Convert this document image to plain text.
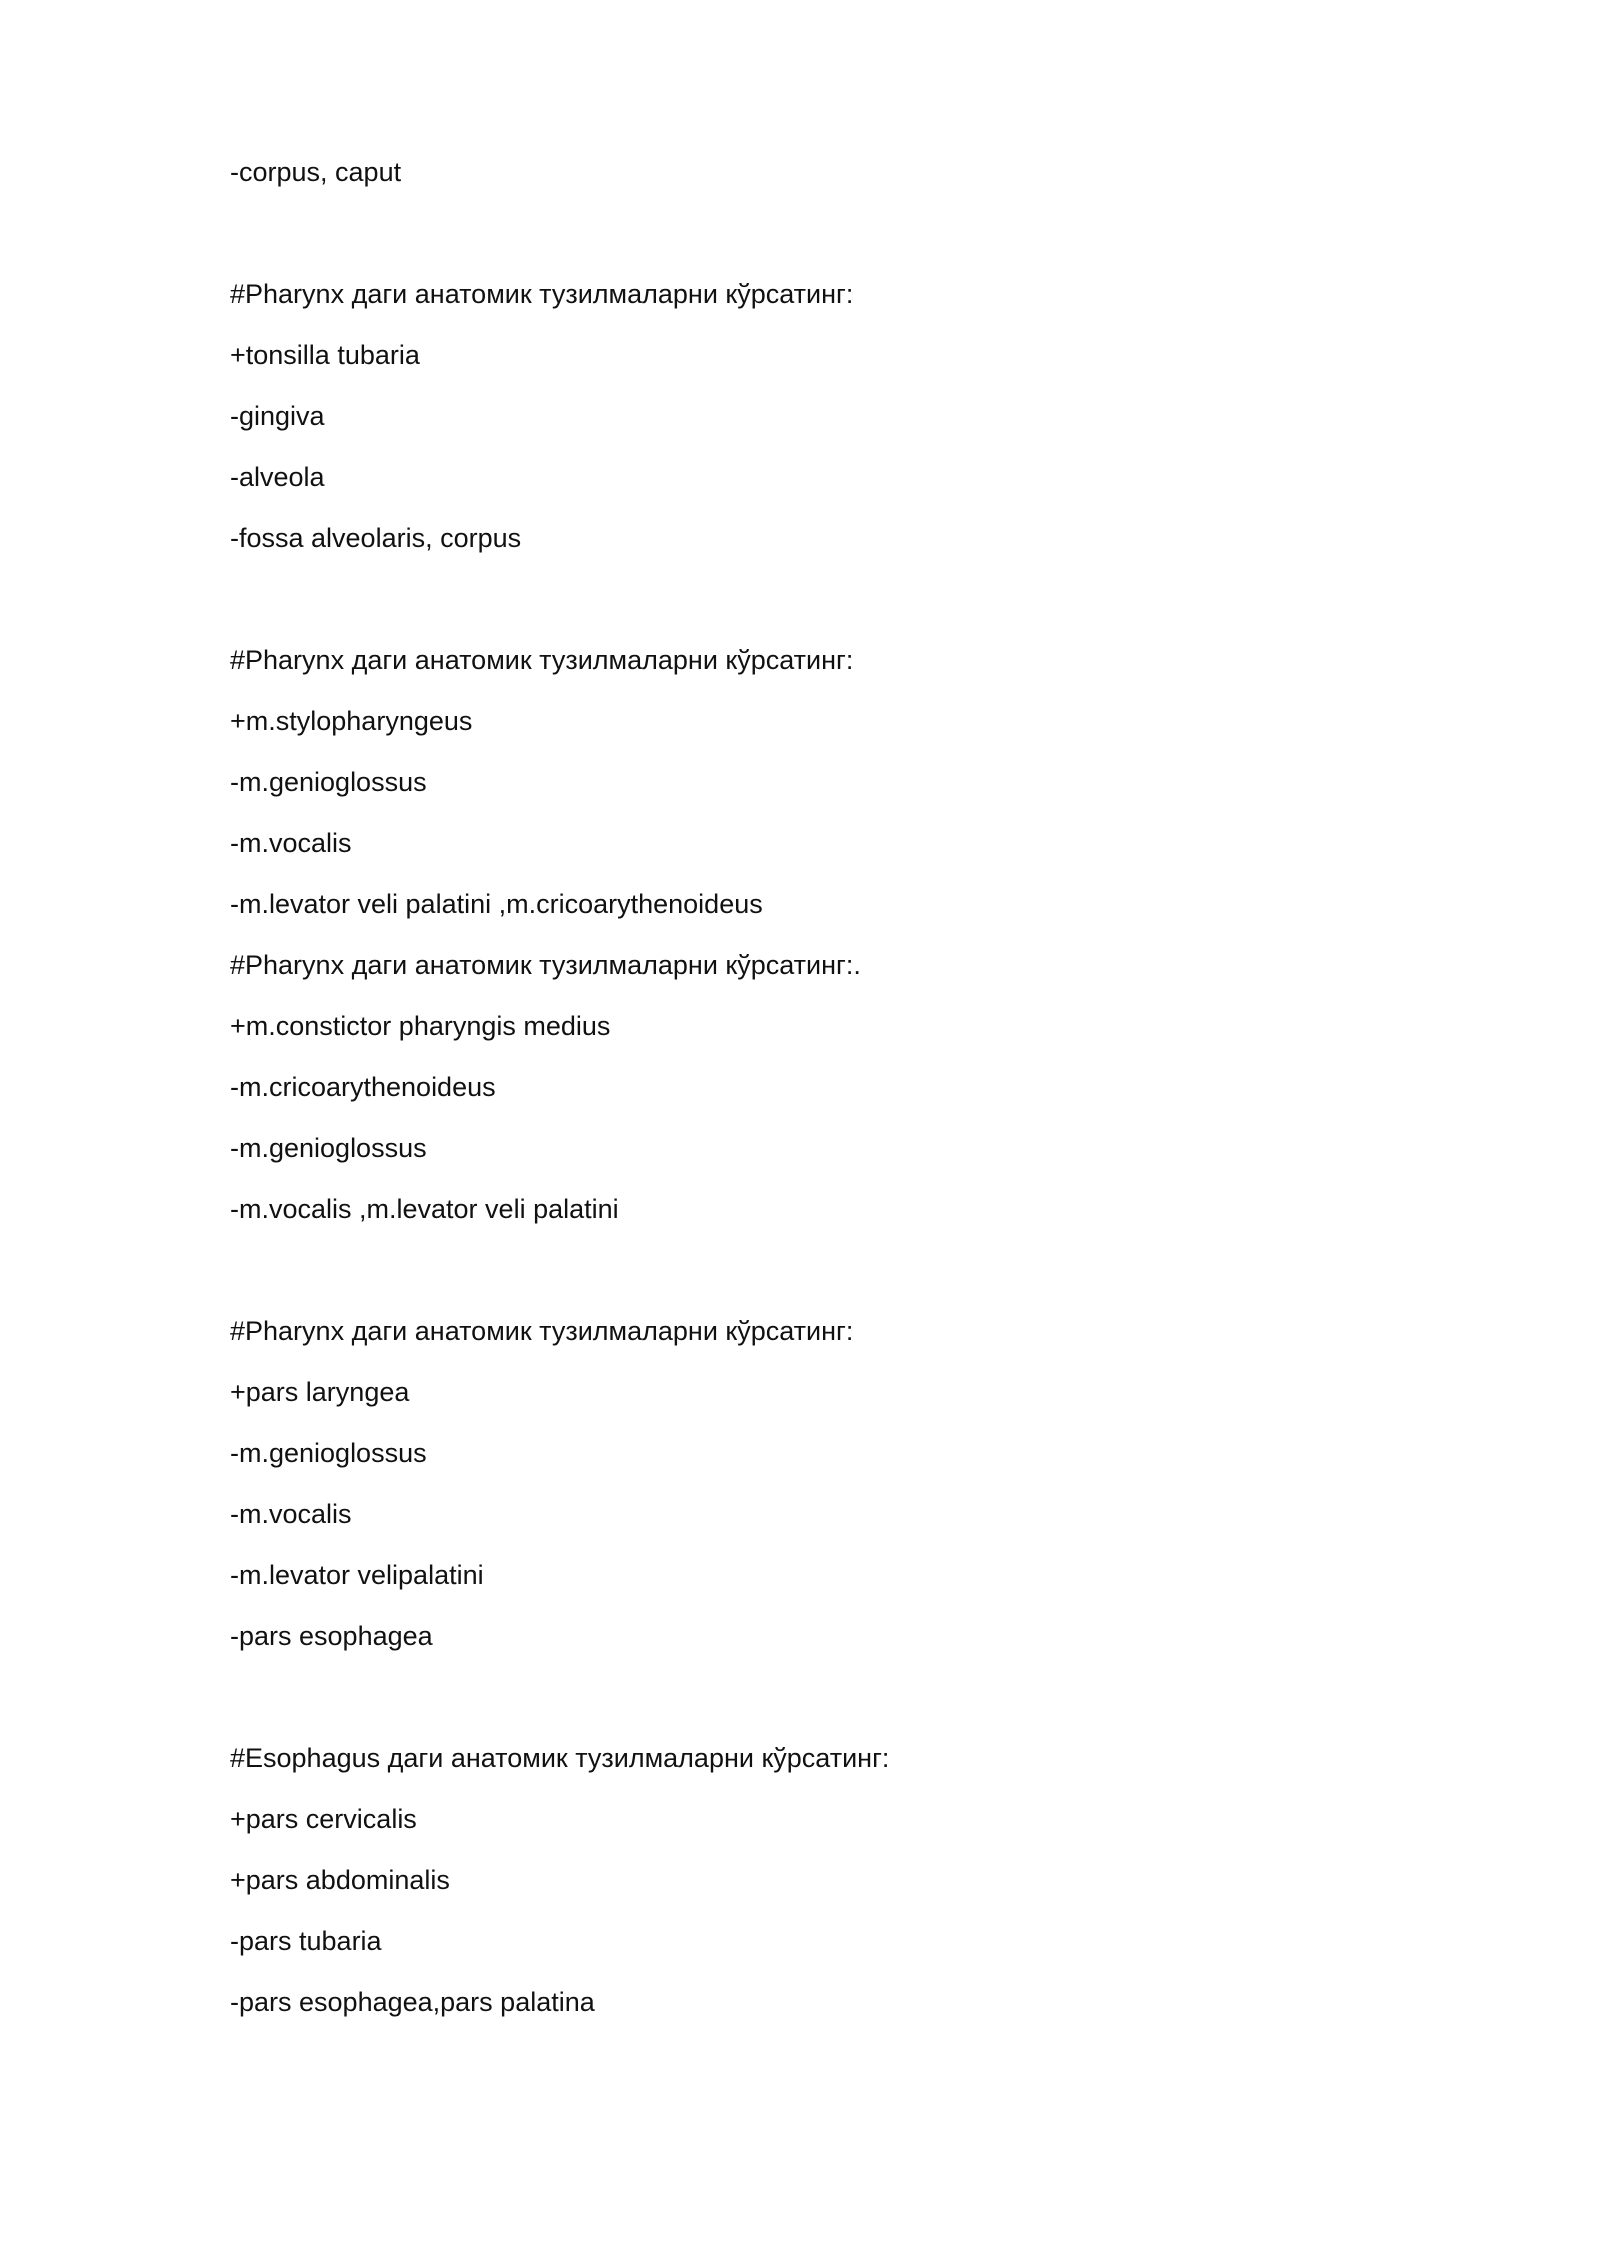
-corpus, caput
#Pharynx даги анатомик тузилмаларни кўрсатинг:
+tonsilla tubaria
-gingiva
-alveola
-fossa alveolaris, corpus
#Pharynx даги анатомик тузилмаларни кўрсатинг:
+m.stylopharyngeus
-m.genioglossus
-m.vocalis
-m.levator veli palatini ,m.cricoarythenoideus
#Pharynx даги анатомик тузилмаларни кўрсатинг:.
+m.constictor pharyngis medius
-m.cricoarythenoideus
-m.genioglossus
-m.vocalis ,m.levator veli palatini
#Pharynx даги анатомик тузилмаларни кўрсатинг:
+pars laryngea
-m.genioglossus
-m.vocalis
-m.levator velipalatini
-pars esophagea
#Esophagus даги анатомик тузилмаларни кўрсатинг:
+pars cervicalis
+pars abdominalis
-pars tubaria
-pars esophagea,pars palatina
